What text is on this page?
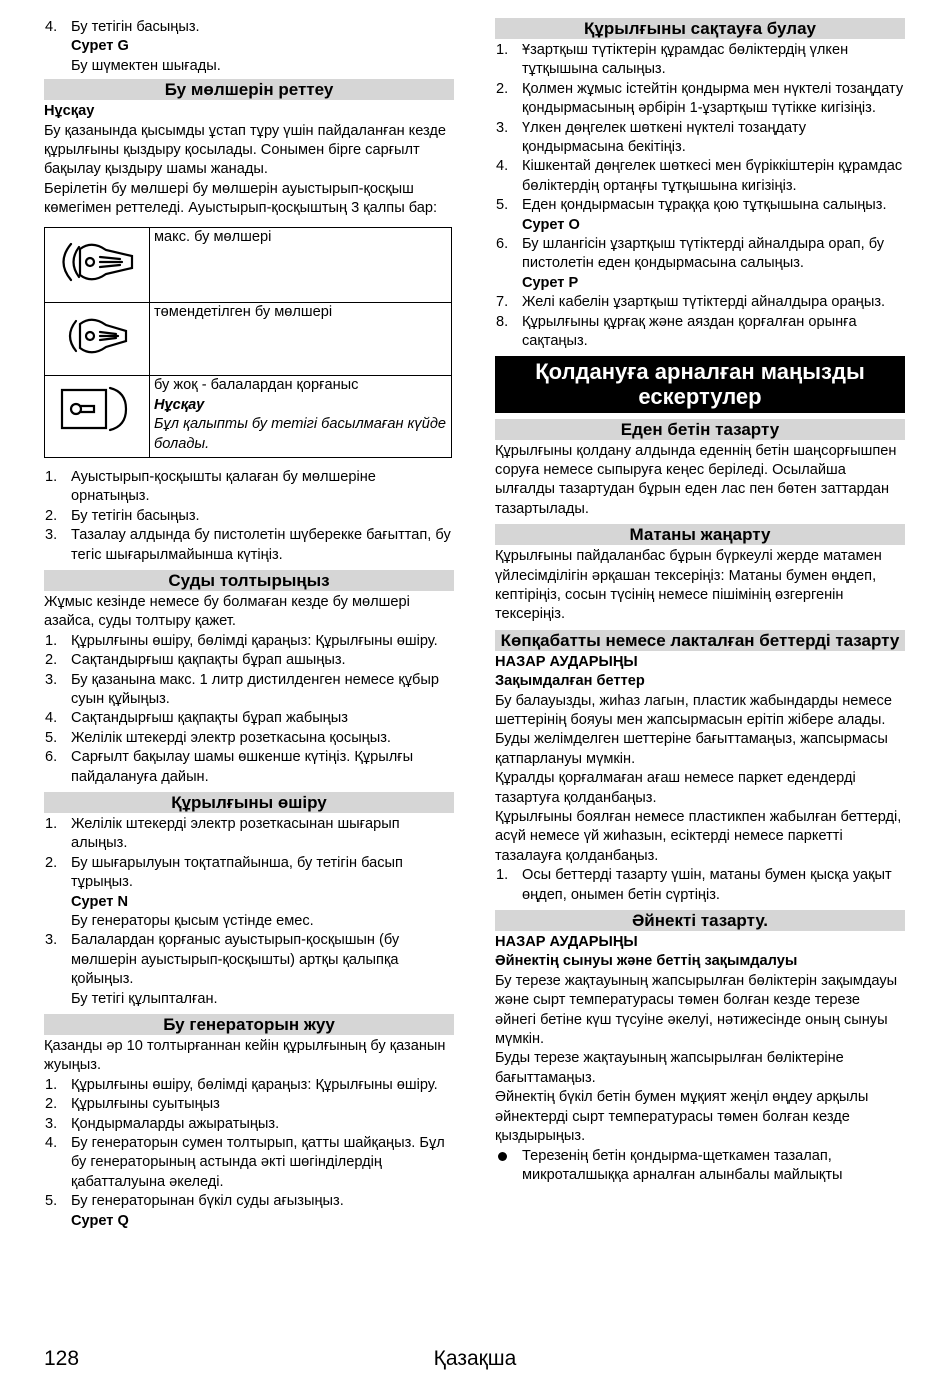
4. Бу тетігін басыңыз.
Сурет G
Бу шүмектен шығады.
Бу мөлшерін реттеу
Нұсқау

Бу қазанында қысымды ұстап тұру үшін пайдаланған кезде құрылғыны қыздыру қосылады. Сонымен бірге сарғылт бақылау қыздыру шамы жанады.

Берілетін бу мөлшері бу мөлшерін ауыстырып-қосқыш көмегімен реттеледі. Ауыстырып-қосқыштың 3 қалпы бар:

	макс. бу мөлшері
	төмендетілген бу мөлшері

бу жоқ - балалардан қорғаныс
Нұсқау
Бұл қалыпты бу тетігі басылмаған күйде болады.
1. Ауыстырып-қосқышты қалаған бу мөлшеріне орнатыңыз.
2. Бу тетігін басыңыз.
3. Тазалау алдында бу пистолетін шүберекке бағыттап, бу тегіс шығарылмайынша күтіңіз.
Суды толтырыңыз

Жұмыс кезінде немесе бу болмаған кезде бу мөлшері азайса, суды толтыру қажет.

1. Құрылғыны өшіру, бөлімді қараңыз: Құрылғыны өшіру.
2. Сақтандырғыш қақпақты бұрап ашыңыз.
3. Бу қазанына макс. 1 литр дистилденген немесе құбыр суын құйыңыз.
4. Сақтандырғыш қақпақты бұрап жабыңыз
5. Желілік штекерді электр розеткасына қосыңыз.
6. Сарғылт бақылау шамы өшкенше күтіңіз. Құрылғы пайдалануға дайын.
Құрылғыны өшіру
1. Желілік штекерді электр розеткасынан шығарып алыңыз.
2. Бу шығарылуын тоқтатпайынша, бу тетігін басып тұрыңыз.
Сурет N
Бу генераторы қысым үстінде емес.
3. Балалардан қорғаныс ауыстырып-қосқышын (бу мөлшерін ауыстырып-қосқышты) артқы қалыпқа қойыңыз.
Бу тетігі құлыпталған.
Бу генераторын жуу

Қазанды әр 10 толтырғаннан кейін құрылғының бу қазанын жуыңыз.

1. Құрылғыны өшіру, бөлімді қараңыз: Құрылғыны өшіру.
2. Құрылғыны суытыңыз
3. Қондырмаларды ажыратыңыз.
4. Бу генераторын сумен толтырып, қатты шайқаңыз. Бұл бу генераторының астында әкті шөгінділердің қабатталуына әкеледі.
5. Бу генераторынан бүкіл суды ағызыңыз.
Сурет Q
Құрылғыны сақтауға булау
1. Ұзартқыш түтіктерін құрамдас бөліктердің үлкен тұтқышына салыңыз.
2. Қолмен жұмыс істейтін қондырма мен нүктелі тозаңдату қондырмасының әрбірін 1-ұзартқыш түтікке кигізіңіз.
3. Үлкен дөңгелек шөткені нүктелі тозаңдату қондырмасына бекітіңіз.
4. Кішкентай дөңгелек шөткесі мен бүріккіштерін құрамдас бөліктердің ортаңғы тұтқышына кигізіңіз.
5. Еден қондырмасын тұраққа қою тұтқышына салыңыз.
Сурет O
6. Бу шлангісін ұзартқыш түтіктерді айналдыра орап, бу пистолетін еден қондырмасына салыңыз.
Сурет P
7. Желі кабелін ұзартқыш түтіктерді айналдыра ораңыз.
8. Құрылғыны құрғақ және аяздан қорғалған орынға сақтаңыз.
Қолдануға арналған маңызды ескертулер
Еден бетін тазарту

Құрылғыны қолдану алдында еденнің бетін шаңсорғышпен соруға немесе сыпыруға кеңес беріледі. Осылайша ылғалды тазартудан бұрын еден лас пен бөтен заттардан тазартылады.

Матаны жаңарту

Құрылғыны пайдаланбас бұрын бүркеулі жерде матамен үйлесімділігін әрқашан тексеріңіз: Матаны бумен өңдеп, кептіріңіз, сосын түсінің немесе пішімінің өзгергенін тексеріңіз.

Көпқабатты немесе лакталған беттерді тазарту
НАЗАР АУДАРЫҢЫ
Зақымдалған беттер

Бу балауызды, жиһаз лагын, пластик жабындарды немесе шеттерінің бояуы мен жапсырмасын ерітіп жібере алады.

Буды желімделген шеттеріне бағыттамаңыз, жапсырмасы қатпарлануы мүмкін.

Құралды қорғалмаған ағаш немесе паркет едендерді тазартуға қолданбаңыз.

Құрылғыны боялған немесе пластикпен жабылған беттерді, асүй немесе үй жиһазын, есіктерді немесе паркетті тазалауға қолданбаңыз.

1. Осы беттерді тазарту үшін, матаны бумен қысқа уақыт өңдеп, онымен бетін сүртіңіз.
Әйнекті тазарту.
НАЗАР АУДАРЫҢЫ
Әйнектің сынуы және беттің зақымдалуы

Бу терезе жақтауының жапсырылған бөліктерін зақымдауы және сырт температурасы төмен болған кезде терезе әйнегі бетіне күш түсуіне әкелуі, нәтижесінде оның сынуы мүмкін.

Буды терезе жақтауының жапсырылған бөліктеріне бағыттамаңыз.

Әйнектің бүкіл бетін бумен мұқият жеңіл өңдеу арқылы әйнектерді сырт температурасы төмен болған кезде қыздырыңыз.

Терезенің бетін қондырма-щеткамен тазалап, микроталшыққа арналған алынбалы майлықты
128	Қазақша
